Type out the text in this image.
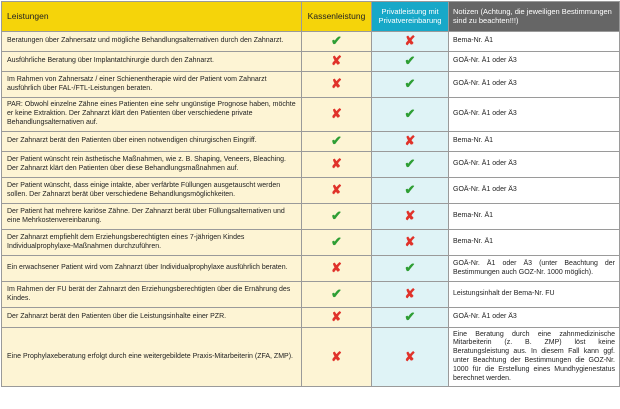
Leistungen	Kassenleistung	Privatleistung mit Privatvereinbarung	Notizen (Achtung, die jeweiligen Bestimmungen sind zu beachten!!!)
Beratungen über Zahnersatz und mögliche Behandlungsalternativen durch den Zahnarzt.	✔	✘	Bema-Nr. Ä1
Ausführliche Beratung über Implantatchirurgie durch den Zahnarzt.	✘	✔	GOÄ-Nr. Ä1 oder Ä3
Im Rahmen von Zahnersatz / einer Schienentherapie wird der Patient vom Zahnarzt ausführlich über FAL-/FTL-Leistungen beraten.	✘	✔	GOÄ-Nr. Ä1 oder Ä3
PAR: Obwohl einzelne Zähne eines Patienten eine sehr ungünstige Prognose haben, möchte er keine Extraktion. Der Zahnarzt klärt den Patienten über verschiedene private Behandlungsalternativen auf.	✘	✔	GOÄ-Nr. Ä1 oder Ä3
Der Zahnarzt berät den Patienten über einen notwendigen chirurgischen Eingriff.	✔	✘	Bema-Nr. Ä1
Der Patient wünscht rein ästhetische Maßnahmen, wie z. B. Shaping, Veneers, Bleaching. Der Zahnarzt klärt den Patienten über diese Behandlungsmaßnahmen auf.	✘	✔	GOÄ-Nr. Ä1 oder Ä3
Der Patient wünscht, dass einige intakte, aber verfärbte Füllungen ausgetauscht werden sollen. Der Zahnarzt berät über verschiedene Behandlungsmöglichkeiten.	✘	✔	GOÄ-Nr. Ä1 oder Ä3
Der Patient hat mehrere kariöse Zähne. Der Zahnarzt berät über Füllungsalternativen und eine Mehrkostenvereinbarung.	✔	✘	Bema-Nr. Ä1
Der Zahnarzt empfiehlt dem Erziehungsberechtigten eines 7-jährigen Kindes Individualprophylaxe-Maßnahmen durchzuführen.	✔	✘	Bema-Nr. Ä1
Ein erwachsener Patient wird vom Zahnarzt über Individualprophylaxe ausführlich beraten.	✘	✔	GOÄ-Nr. Ä1 oder Ä3 (unter Beachtung der Bestimmungen auch GOZ-Nr. 1000 möglich).
Im Rahmen der FU berät der Zahnarzt den Erziehungsberechtigten über die Ernährung des Kindes.	✔	✘	Leistungsinhalt der Bema-Nr. FU
Der Zahnarzt berät den Patienten über die Leistungsinhalte einer PZR.	✘	✔	GOÄ-Nr. Ä1 oder Ä3
Eine Prophylaxeberatung erfolgt durch eine weitergebildete Praxis-Mitarbeiterin (ZFA, ZMP).	✘	✘	Eine Beratung durch eine zahnmedizinische Mitarbeiterin (z. B. ZMP) löst keine Beratungsleistung aus. In diesem Fall kann ggf. unter Beachtung der Bestimmungen die GOZ-Nr. 1000 für die Erstellung eines Mundhygienestatus berechnet werden.
